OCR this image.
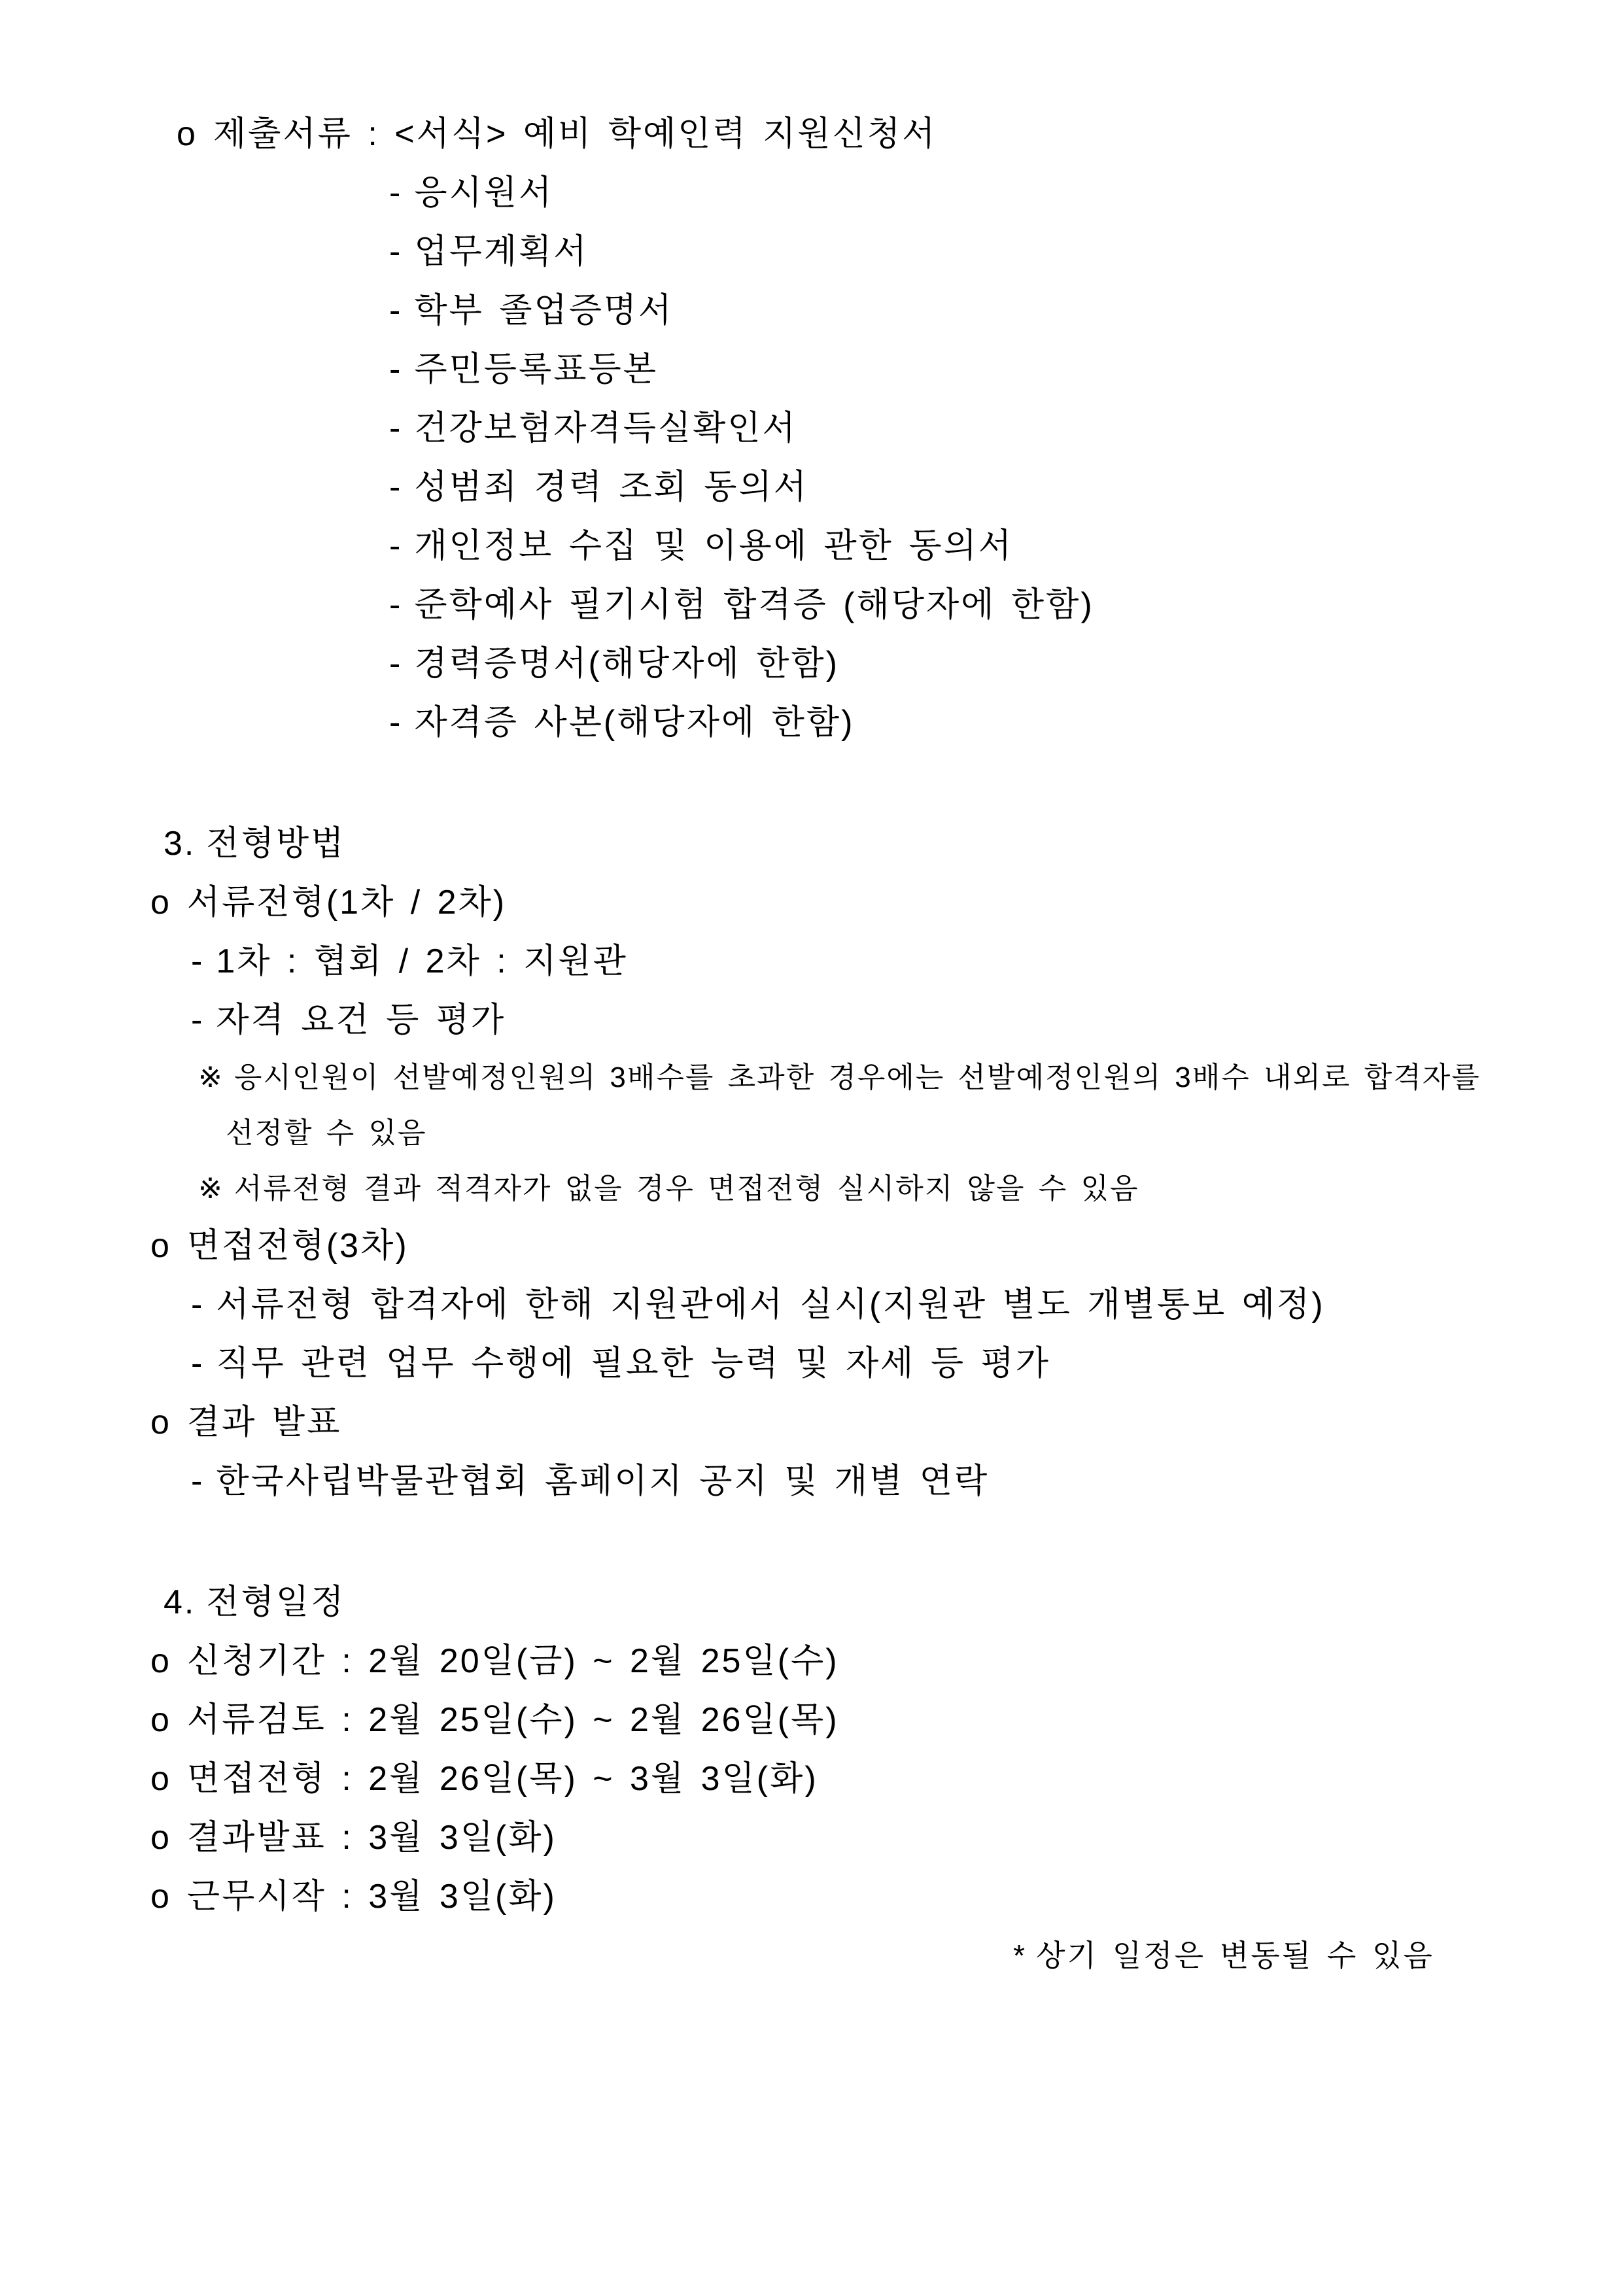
o 제출서류 : <서식> 예비 학예인력 지원신청서
- 응시원서
- 업무계획서
- 학부 졸업증명서
- 주민등록표등본
- 건강보험자격득실확인서
- 성범죄 경력 조회 동의서
- 개인정보 수집 및 이용에 관한 동의서
- 준학예사 필기시험 합격증 (해당자에 한함)
- 경력증명서(해당자에 한함)
- 자격증 사본(해당자에 한함)
3. 전형방법
o 서류전형(1차 / 2차)
- 1차 : 협회 / 2차 : 지원관
- 자격 요건 등 평가
※ 응시인원이 선발예정인원의 3배수를 초과한 경우에는 선발예정인원의 3배수 내외로 합격자를
선정할 수 있음
※ 서류전형 결과 적격자가 없을 경우 면접전형 실시하지 않을 수 있음
o 면접전형(3차)
- 서류전형 합격자에 한해 지원관에서 실시(지원관 별도 개별통보 예정)
- 직무 관련 업무 수행에 필요한 능력 및 자세 등 평가
o 결과 발표
- 한국사립박물관협회 홈페이지 공지 및 개별 연락
4. 전형일정
o 신청기간 : 2월 20일(금) ~ 2월 25일(수)
o 서류검토 : 2월 25일(수) ~ 2월 26일(목)
o 면접전형 : 2월 26일(목) ~ 3월 3일(화)
o 결과발표 : 3월 3일(화)
o 근무시작 : 3월 3일(화)
* 상기 일정은 변동될 수 있음
